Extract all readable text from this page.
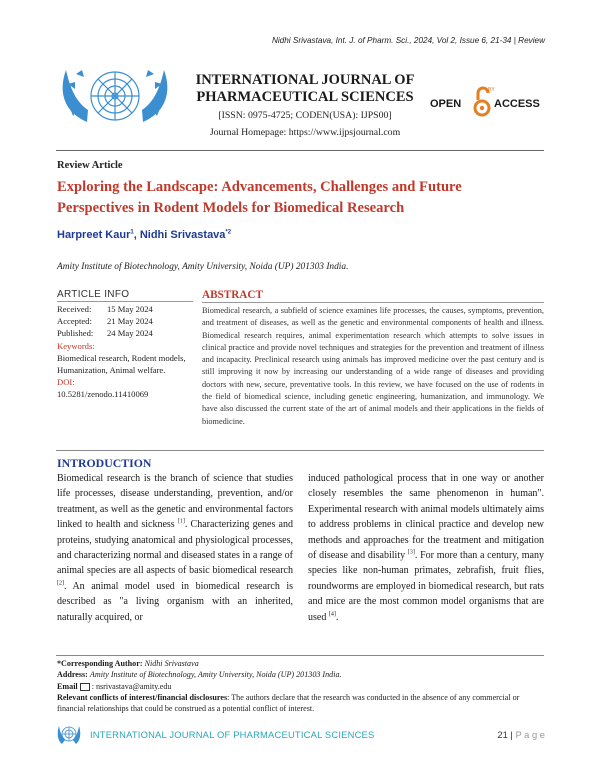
Nidhi Srivastava, Int. J. of Pharm. Sci., 2024, Vol 2, Issue 6, 21-34 | Review
INTERNATIONAL JOURNAL OF
PHARMACEUTICAL SCIENCES
[ISSN: 0975-4725; CODEN(USA): IJPS00]
Journal Homepage: https://www.ijpsjournal.com
OPEN
BY
ACCESS
Review Article
Exploring the Landscape: Advancements, Challenges and Future Perspectives in Rodent Models for Biomedical Research
Harpreet Kaur$^1$, Nidhi Srivastava$^{*2}$
Amity Institute of Biotechnology, Amity University, Noida (UP) 201303 India.
ARTICLE INFO
Received:	15 May 2024
Accepted:	21 May 2024
Published:	24 May 2024
Keywords:
Biomedical research, Rodent models, Humanization, Animal welfare.
DOI:
10.5281/zenodo.11410069
ABSTRACT
Biomedical research, a subfield of science examines life processes, the causes, symptoms, prevention, and treatment of diseases, as well as the genetic and environmental components of health and illness. Biomedical research requires, animal experimentation research which attempts to solve issues in clinical practice and provide novel techniques and strategies for the prevention and treatment of illness and incapacity. Preclinical research using animals has improved medicine over the past century and is still improving it now by increasing our understanding of a wide range of diseases and providing doctors with new, secure, preventative tools. In this review, we have focused on the use of rodents in the field of biomedical science, including genetic engineering, humanization, and immunology. We have also discussed the current state of the art of animal models and their applications in the fields of biomedicine.
INTRODUCTION
Biomedical research is the branch of science that studies life processes, disease understanding, prevention, and/or treatment, as well as the genetic and environmental factors linked to health and sickness [1]. Characterizing genes and proteins, studying anatomical and physiological processes, and characterizing normal and diseased states in a range of animal species are all aspects of basic biomedical research [2]. An animal model used in biomedical research is described as "a living organism with an inherited, naturally acquired, or
induced pathological process that in one way or another closely resembles the same phenomenon in human". Experimental research with animal models ultimately aims to address problems in clinical practice and develop new methods and approaches for the treatment and mitigation of disease and disability [3]. For more than a century, many species like non-human primates, zebrafish, fruit flies, roundworms are employed in biomedical research, but rats and mice are the most common model organisms that are used [4].
*Corresponding Author: Nidhi Srivastava
Address: Amity Institute of Biotechnology, Amity University, Noida (UP) 201303 India.
Email : nsrivastava@amity.edu
Relevant conflicts of interest/financial disclosures: The authors declare that the research was conducted in the absence of any commercial or financial relationships that could be construed as a potential conflict of interest.
INTERNATIONAL JOURNAL OF PHARMACEUTICAL SCIENCES	21 | P a g e
